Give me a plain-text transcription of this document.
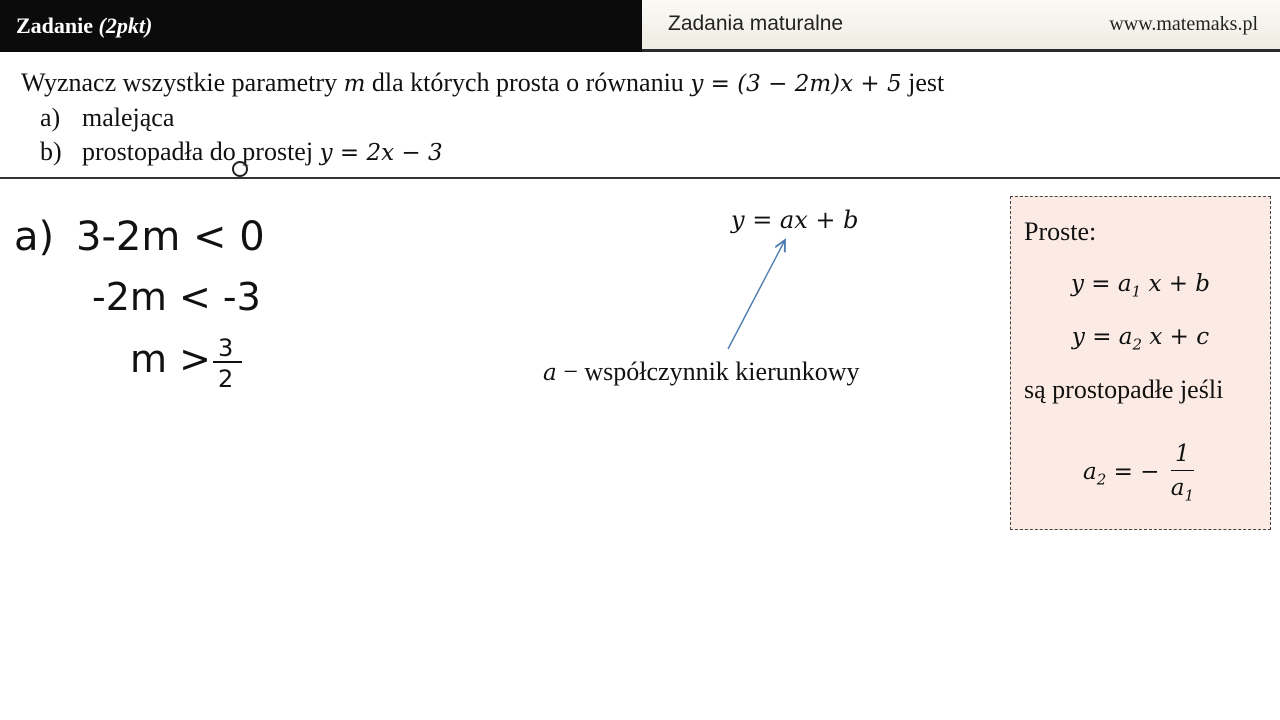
Zadanie (2pkt)	Zadania maturalne	www.matemaks.pl
Wyznacz wszystkie parametry m dla których prosta o równaniu y = (3 − 2m)x + 5 jest
a) malejąca
b) prostopadła do prostej y = 2x − 3
a) 3-2m < 0
-2m < -3
m > 3
2
y = ax + b
a − współczynnik kierunkowy
Proste:
$y = a_1$ x + b
$y = a_2$ x + c
są prostopadłe jeśli
$a_2$ = − $\frac{1}{a_1}$
